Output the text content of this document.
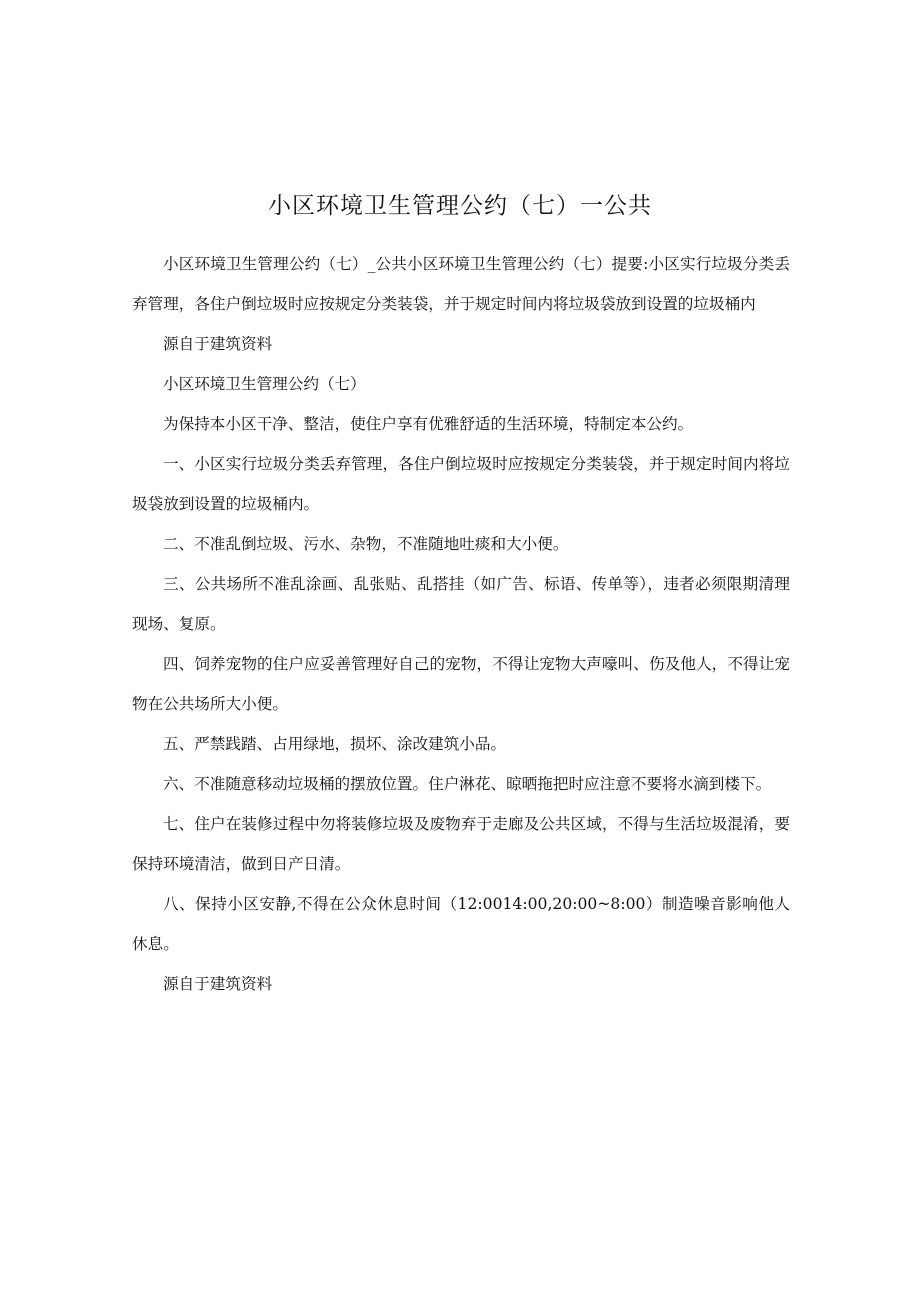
小区环境卫生管理公约（七）一公共

小区环境卫生管理公约（七）_公共小区环境卫生管理公约（七）提要:小区实行垃圾分类丢弃管理，各住户倒垃圾时应按规定分类装袋，并于规定时间内将垃圾袋放到设置的垃圾桶内

源自于建筑资料

小区环境卫生管理公约（七）

为保持本小区干净、整洁，使住户享有优雅舒适的生活环境，特制定本公约。

一、小区实行垃圾分类丢弃管理，各住户倒垃圾时应按规定分类装袋，并于规定时间内将垃圾袋放到设置的垃圾桶内。

二、不准乱倒垃圾、污水、杂物，不准随地吐痰和大小便。

三、公共场所不准乱涂画、乱张贴、乱搭挂（如广告、标语、传单等），违者必须限期清理现场、复原。

四、饲养宠物的住户应妥善管理好自己的宠物，不得让宠物大声嚎叫、伤及他人，不得让宠物在公共场所大小便。

五、严禁践踏、占用绿地，损坏、涂改建筑小品。

六、不准随意移动垃圾桶的摆放位置。住户淋花、晾晒拖把时应注意不要将水滴到楼下。

七、住户在装修过程中勿将装修垃圾及废物弃于走廊及公共区域，不得与生活垃圾混淆，要保持环境清洁，做到日产日清。

八、保持小区安静,不得在公众休息时间（12:0014:00,20:00~8:00）制造噪音影响他人休息。

源自于建筑资料
